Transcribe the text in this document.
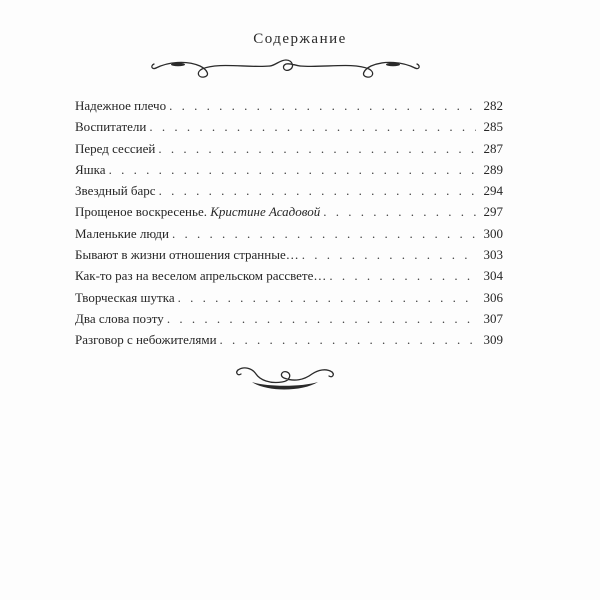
Содержание
Надежное плечо . . .	282
Воспитатели . . .	285
Перед сессией . . .	287
Яшка . . .	289
Звездный барс . . .	294
Прощеное воскресенье. Кристине Асадовой . . .	297
Маленькие люди . . .	300
Бывают в жизни отношения странные… . . .	303
Как-то раз на веселом апрельском рассвете… . . .	304
Творческая шутка . . .	306
Два слова поэту . . .	307
Разговор с небожителями . . .	309
